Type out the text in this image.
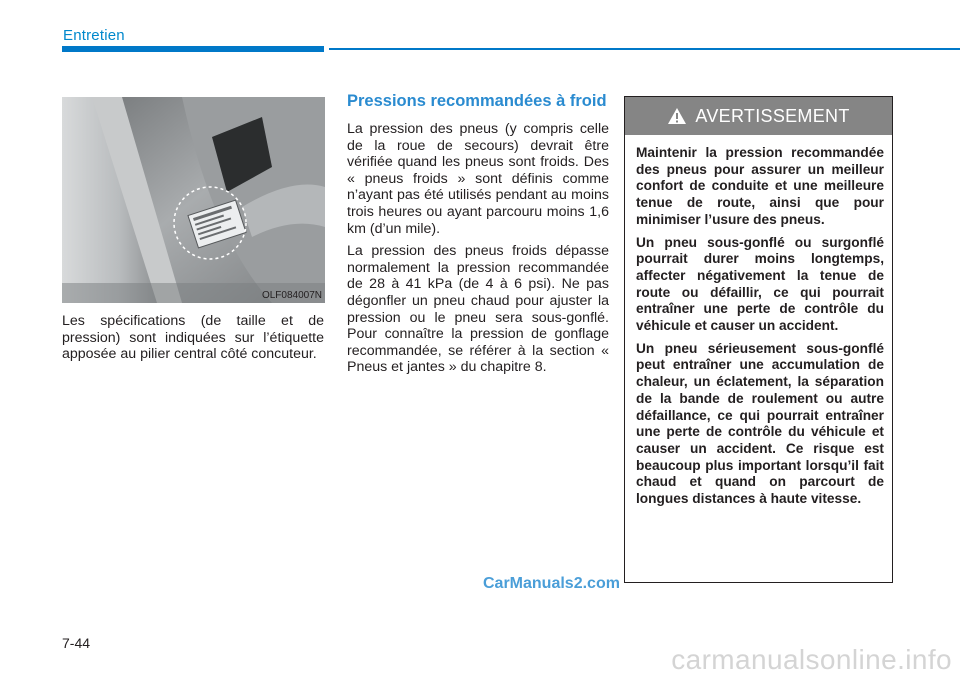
Entretien
OLF084007N

Les spécifications (de taille et de pression) sont indiquées sur l’étiquette apposée au pilier central côté concuteur.

Pressions recommandées à froid

La pression des pneus (y compris celle de la roue de secours) devrait être vérifiée quand les pneus sont froids. Des « pneus froids » sont définis comme n’ayant pas été utilisés pendant au moins trois heures ou ayant parcouru moins 1,6 km (d’un mile).

La pression des pneus froids dépasse normalement la pression recommandée de 28 à 41 kPa (de 4 à 6 psi). Ne pas dégonfler un pneu chaud pour ajuster la pression ou le pneu sera sous-gonflé. Pour connaître la pression de gonflage recommandée, se référer à la section « Pneus et jantes » du chapitre 8.

AVERTISSEMENT

Maintenir la pression recommandée des pneus pour assurer un meilleur confort de conduite et une meilleure tenue de route, ainsi que pour minimiser l’usure des pneus.

Un pneu sous-gonflé ou surgonflé pourrait durer moins longtemps, affecter négativement la tenue de route ou défaillir, ce qui pourrait entraîner une perte de contrôle du véhicule et causer un accident.

Un pneu sérieusement sous-gonflé peut entraîner une accumulation de chaleur, un éclatement, la séparation de la bande de roulement ou autre défaillance, ce qui pourrait entraîner une perte de contrôle du véhicule et causer un accident. Ce risque est beaucoup plus important lorsqu’il fait chaud et quand on parcourt de longues distances à haute vitesse.

CarManuals2.com
7-44
carmanualsonline.info
